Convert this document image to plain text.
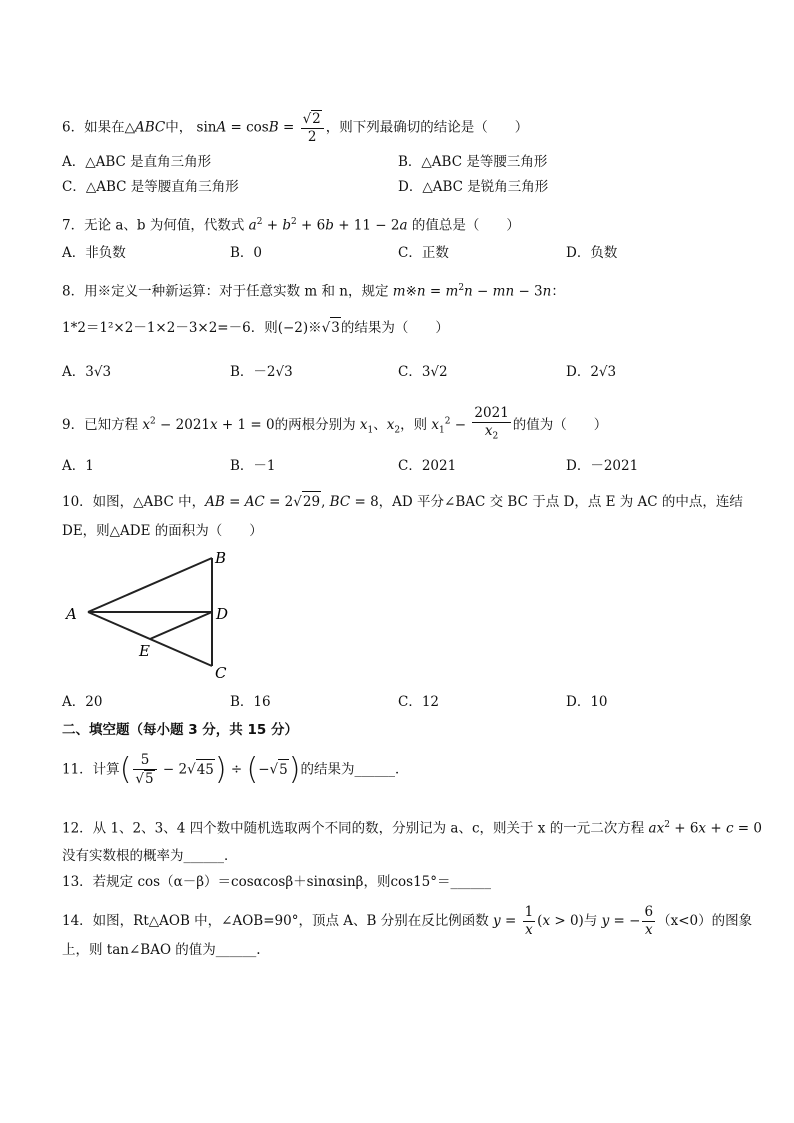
6．如果在△ABC中， $\sin A = \cos B = \frac{√2}{2}$ ，则下列最确切的结论是（　　）
A．△ABC 是直角三角形	B．△ABC 是等腰三角形
C．△ABC 是等腰直角三角形	D．△ABC 是锐角三角形
7．无论 a、b 为何值，代数式 $a^2 + b^2 + 6b + 11 - 2a$ 的值总是（　　）
A．非负数	B．0	C．正数	D．负数
8．用※定义一种新运算：对于任意实数 m 和 n，规定 m※n = $m^2n$ − mn − 3n：
1*2＝1²×2－1×2－3×2=－6．则(−2)※√3的结果为（　　）
A．3√3	B．－2√3	C．3√2	D．2√3
9．已知方程 $x^2 - 2021x + 1 = 0$的两根分别为 $x_1$、$x_2$，则 $x_1^2 - \frac{2021}{x_2}$ 的值为（　　）
A．1	B．－1	C．2021	D．－2021
10．如图，△ABC 中，AB = AC = 2√29, BC = 8，AD 平分∠BAC 交 BC 于点 D，点 E 为 AC 的中点，连结
DE，则△ADE 的面积为（　　）
A
B
C
D
E
A．20	B．16	C．12	D．10
二、填空题（每小题 3 分，共 15 分）
11．计算( $\frac{5}{√5} - 2√45) \div (-√5)$的结果为______．
12．从 1、2、3、4 四个数中随机选取两个不同的数，分别记为 a、c，则关于 x 的一元二次方程 $ax^2 + 6x + c = 0$
没有实数根的概率为______．
13．若规定 cos（α－β）＝cosαcosβ＋sinαsinβ，则cos15°＝______
14．如图，Rt△AOB 中，∠AOB=90°，顶点 A、B 分别在反比例函数 $y = \frac{1}{x} (x > 0)$与 y = − $\frac{6}{x} (x<0)$的图象
上，则 tan∠BAO 的值为______.
